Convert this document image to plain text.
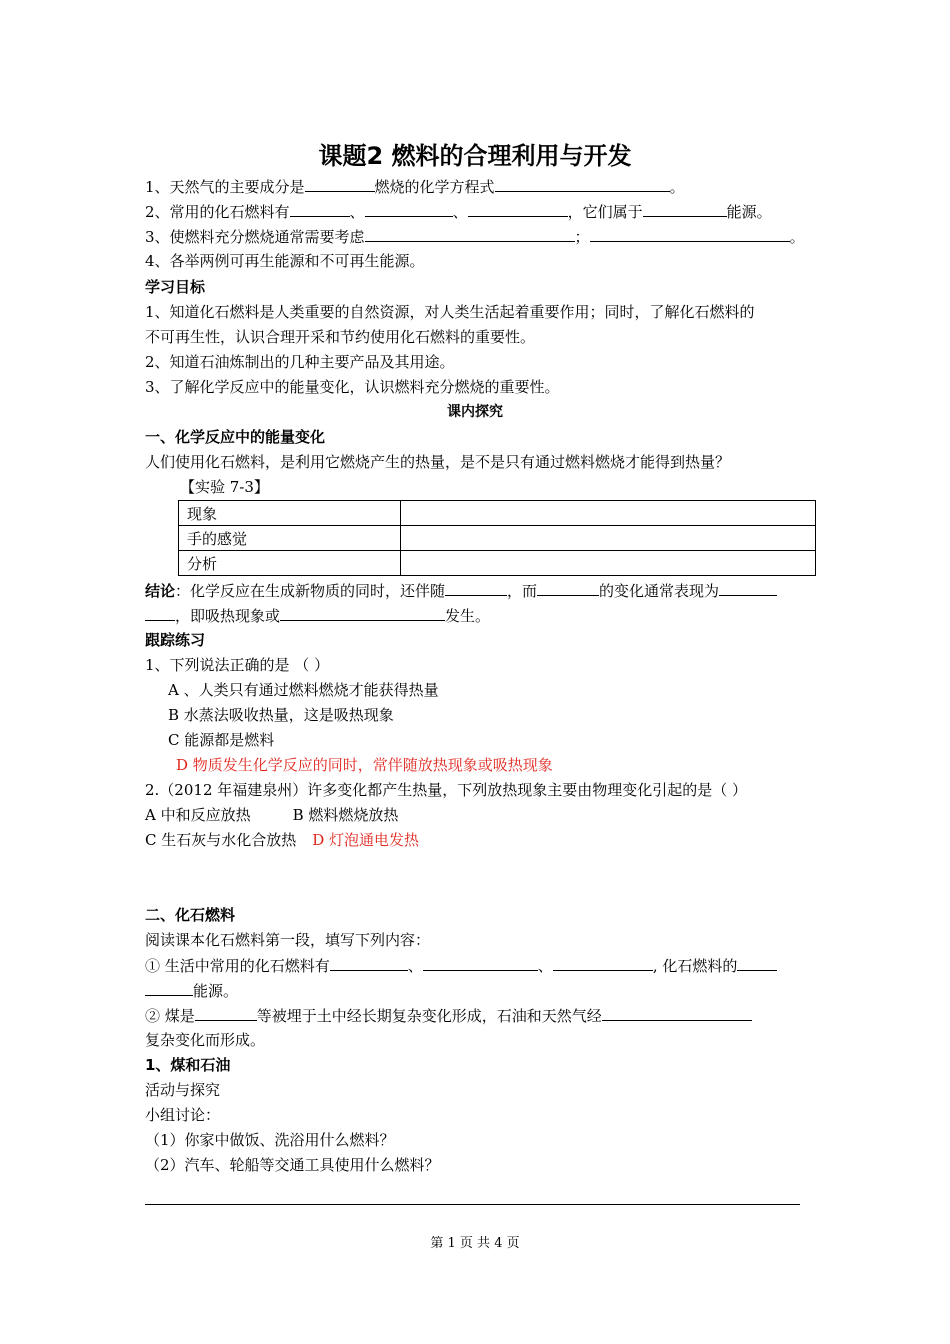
课题2 燃料的合理利用与开发
1、天然气的主要成分是	燃烧的化学方程式	。
2、常用的化石燃料有	、	、	，它们属于	能源。
3、使燃料充分燃烧通常需要考虑	；	。
4、各举两例可再生能源和不可再生能源。
学习目标
1、知道化石燃料是人类重要的自然资源，对人类生活起着重要作用；同时，了解化石燃料的
不可再生性，认识合理开采和节约使用化石燃料的重要性。
2、知道石油炼制出的几种主要产品及其用途。
3、了解化学反应中的能量变化，认识燃料充分燃烧的重要性。
课内探究
一、化学反应中的能量变化
人们使用化石燃料，是利用它燃烧产生的热量，是不是只有通过燃料燃烧才能得到热量？
【实验 7-3】
现象	
手的感觉	
分析	
结论：化学反应在生成新物质的同时，还伴随	，而	的变化通常表现为
，即吸热现象或	发生。
跟踪练习
1、下列说法正确的是 （ ）
A 、人类只有通过燃料燃烧才能获得热量
B 水蒸法吸收热量，这是吸热现象
C 能源都是燃料
D 物质发生化学反应的同时，常伴随放热现象或吸热现象
2.（2012 年福建泉州）许多变化都产生热量，下列放热现象主要由物理变化引起的是（ ）
A 中和反应放热	B 燃料燃烧放热
C 生石灰与水化合放热 D 灯泡通电发热
二、化石燃料
阅读课本化石燃料第一段，填写下列内容：
① 生活中常用的化石燃料有	、	、	, 化石燃料的
能源。
② 煤是	等被埋于土中经长期复杂变化形成，石油和天然气经
复杂变化而形成。
1、煤和石油
活动与探究
小组讨论：
（1）你家中做饭、洗浴用什么燃料？
（2）汽车、轮船等交通工具使用什么燃料？
第 1 页 共 4 页
